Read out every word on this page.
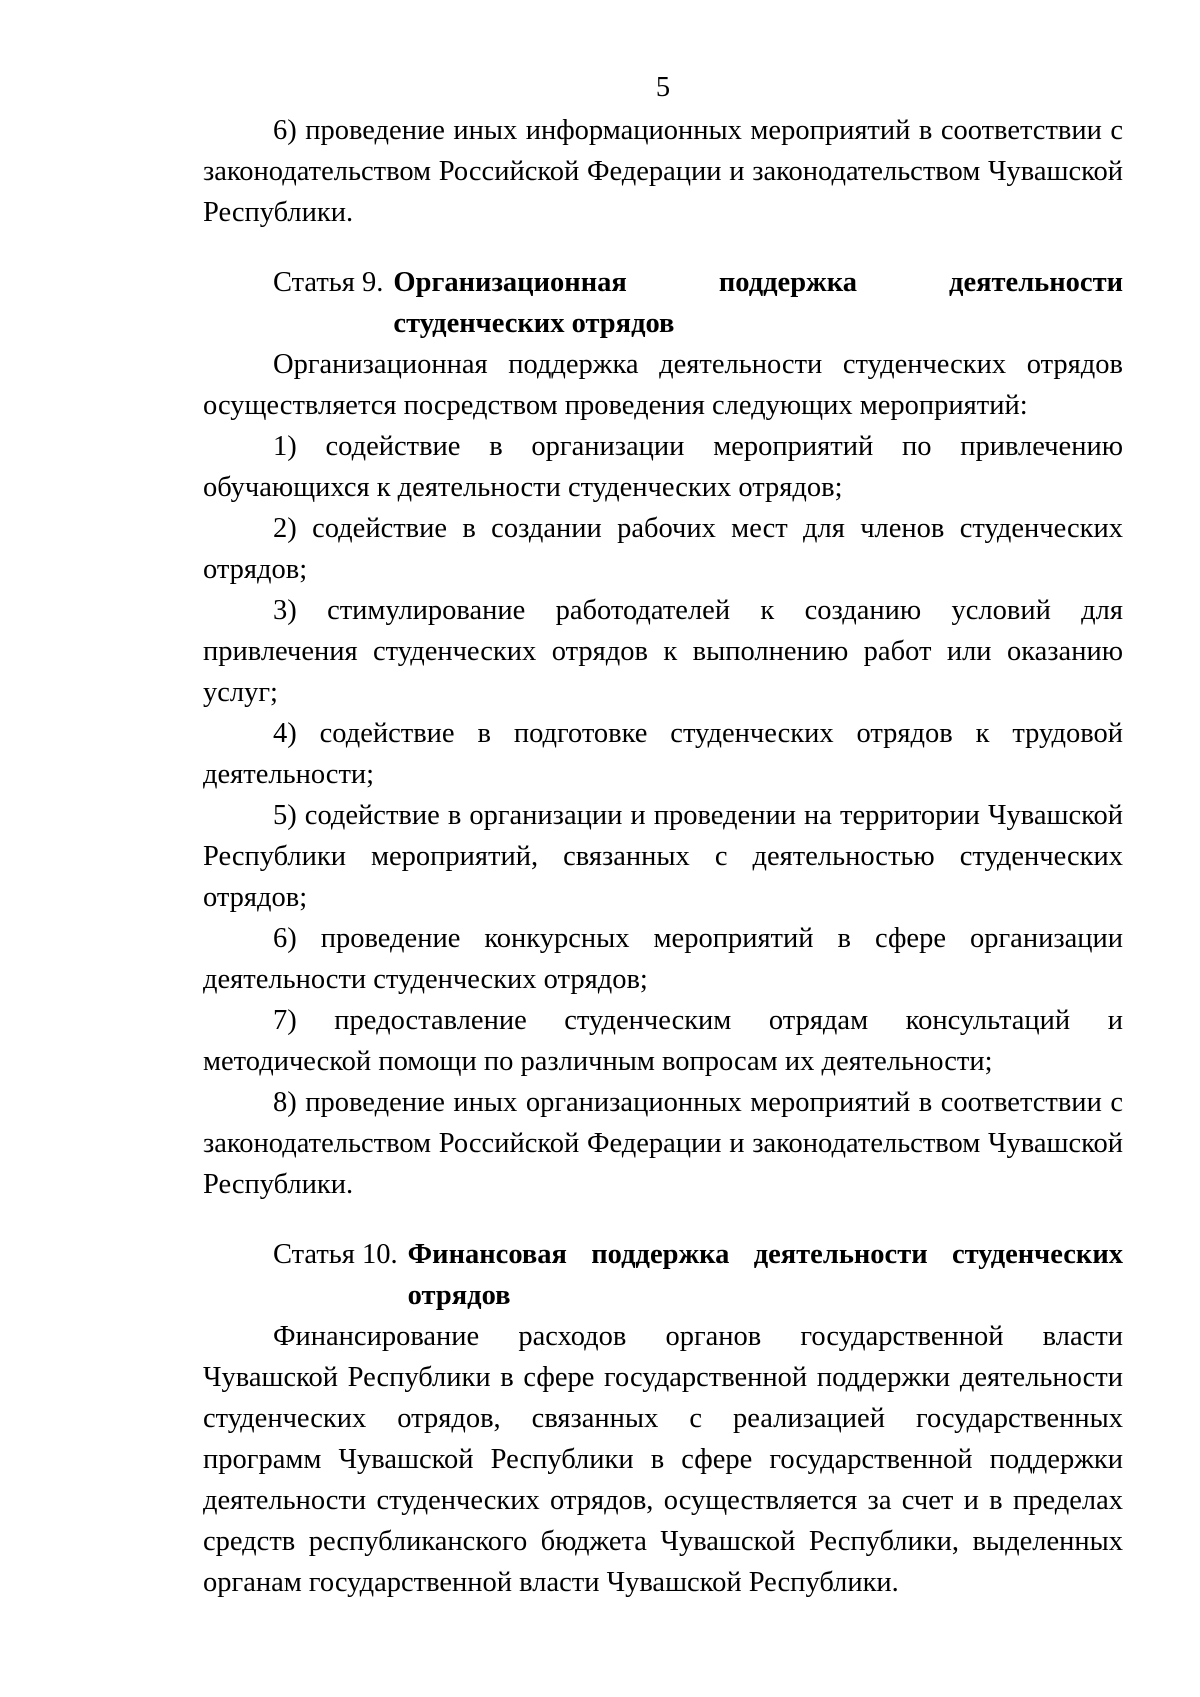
5

6) проведение иных информационных мероприятий в соответствии с законодательством Российской Федерации и законодательством Чувашской Республики.

Статья 9. Организационная поддержка деятельности студенческих отрядов

Организационная поддержка деятельности студенческих отрядов осуществляется посредством проведения следующих мероприятий:

1) содействие в организации мероприятий по привлечению обучающихся к деятельности студенческих отрядов;

2) содействие в создании рабочих мест для членов студенческих отрядов;

3) стимулирование работодателей к созданию условий для привлечения студенческих отрядов к выполнению работ или оказанию услуг;

4) содействие в подготовке студенческих отрядов к трудовой деятельности;

5) содействие в организации и проведении на территории Чувашской Республики мероприятий, связанных с деятельностью студенческих отрядов;

6) проведение конкурсных мероприятий в сфере организации деятельности студенческих отрядов;

7) предоставление студенческим отрядам консультаций и методической помощи по различным вопросам их деятельности;

8) проведение иных организационных мероприятий в соответствии с законодательством Российской Федерации и законодательством Чувашской Республики.

Статья 10. Финансовая поддержка деятельности студенческих отрядов

Финансирование расходов органов государственной власти Чувашской Республики в сфере государственной поддержки деятельности студенческих отрядов, связанных с реализацией государственных программ Чувашской Республики в сфере государственной поддержки деятельности студенческих отрядов, осуществляется за счет и в пределах средств республиканского бюджета Чувашской Республики, выделенных органам государственной власти Чувашской Республики.
